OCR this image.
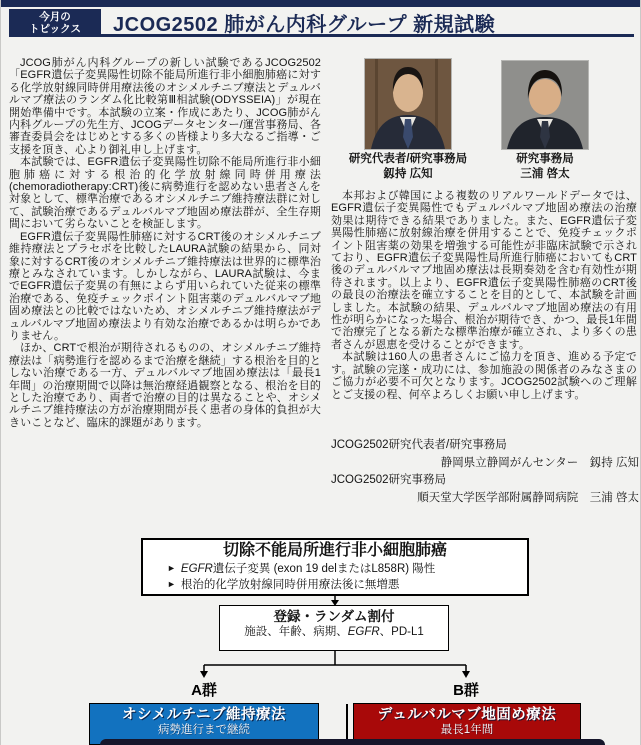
今月の
トピックス JCOG2502 肺がん内科グループ 新規試験

JCOG肺がん内科グループの新しい試験であるJCOG2502「EGFR遺伝子変異陽性切除不能局所進行非小細胞肺癌に対する化学放射線同時併用療法後のオシメルチニブ療法とデュルバルマブ療法のランダム化比較第Ⅲ相試験(ODYSSEIA)」が現在開始準備中です。本試験の立案・作成にあたり、JCOG肺がん内科グループの先生方、JCOGデータセンター/運営事務局、各審査委員会をはじめとする多くの皆様より多大なるご指導・ご支援を頂き、心より御礼申し上げます。

本試験では、EGFR遺伝子変異陽性切除不能局所進行非小細胞肺癌に対する根治的化学放射線同時併用療法(chemoradiotherapy:CRT)後に病勢進行を認めない患者さんを対象として、標準治療であるオシメルチニブ維持療法群に対して、試験治療であるデュルバルマブ地固め療法群が、全生存期間において劣らないことを検証します。

EGFR遺伝子変異陽性肺癌に対するCRT後のオシメルチニブ維持療法とプラセボを比較したLAURA試験の結果から、同対象に対するCRT後のオシメルチニブ維持療法は世界的に標準治療とみなされています。しかしながら、LAURA試験は、今までEGFR遺伝子変異の有無によらず用いられていた従来の標準治療である、免疫チェックポイント阻害薬のデュルバルマブ地固め療法との比較ではないため、オシメルチニブ維持療法がデュルバルマブ地固め療法より有効な治療であるかは明らかでありません。

ほか、CRTで根治が期待されるものの、オシメルチニブ維持療法は「病勢進行を認めるまで治療を継続」する根治を目的としない治療である一方、デュルバルマブ地固め療法は「最長1年間」の治療期間で以降は無治療経過観察となる、根治を目的とした治療であり、両者で治療の目的は異なることや、オシメルチニブ維持療法の方が治療期間が長く患者の身体的負担が大きいことなど、臨床的課題があります。

研究代表者/研究事務局
釼持 広知
研究事務局
三浦 啓太

本邦および韓国による複数のリアルワールドデータでは、EGFR遺伝子変異陽性でもデュルバルマブ地固め療法の治療効果は期待できる結果でありました。また、EGFR遺伝子変異陽性肺癌に放射線治療を併用することで、免疫チェックポイント阻害薬の効果を増強する可能性が非臨床試験で示されており、EGFR遺伝子変異陽性局所進行肺癌においてもCRT後のデュルバルマブ地固め療法は長期奏効を含む有効性が期待されます。以上より、EGFR遺伝子変異陽性肺癌のCRT後の最良の治療法を確立することを目的として、本試験を計画しました。本試験の結果、デュルバルマブ地固め療法の有用性が明らかになった場合、根治が期待でき、かつ、最長1年間で治療完了となる新たな標準治療が確立され、より多くの患者さんが恩恵を受けることができます。

本試験は160人の患者さんにご協力を頂き、進める予定です。試験の完遂・成功には、参加施設の関係者のみなさまのご協力が必要不可欠となります。JCOG2502試験へのご理解とご支援の程、何卒よろしくお願い申し上げます。

JCOG2502研究代表者/研究事務局
静岡県立静岡がんセンター　釼持 広知
JCOG2502研究事務局
順天堂大学医学部附属静岡病院　三浦 啓太
切除不能局所進行非小細胞肺癌
► EGFR遺伝子変異 (exon 19 delまたはL858R) 陽性
► 根治的化学放射線同時併用療法後に無増悪
登録・ランダム割付
施設、年齢、病期、EGFR、PD-L1
A群	B群
オシメルチニブ維持療法
病勢進行まで継続
デュルバルマブ地固め療法
最長1年間
